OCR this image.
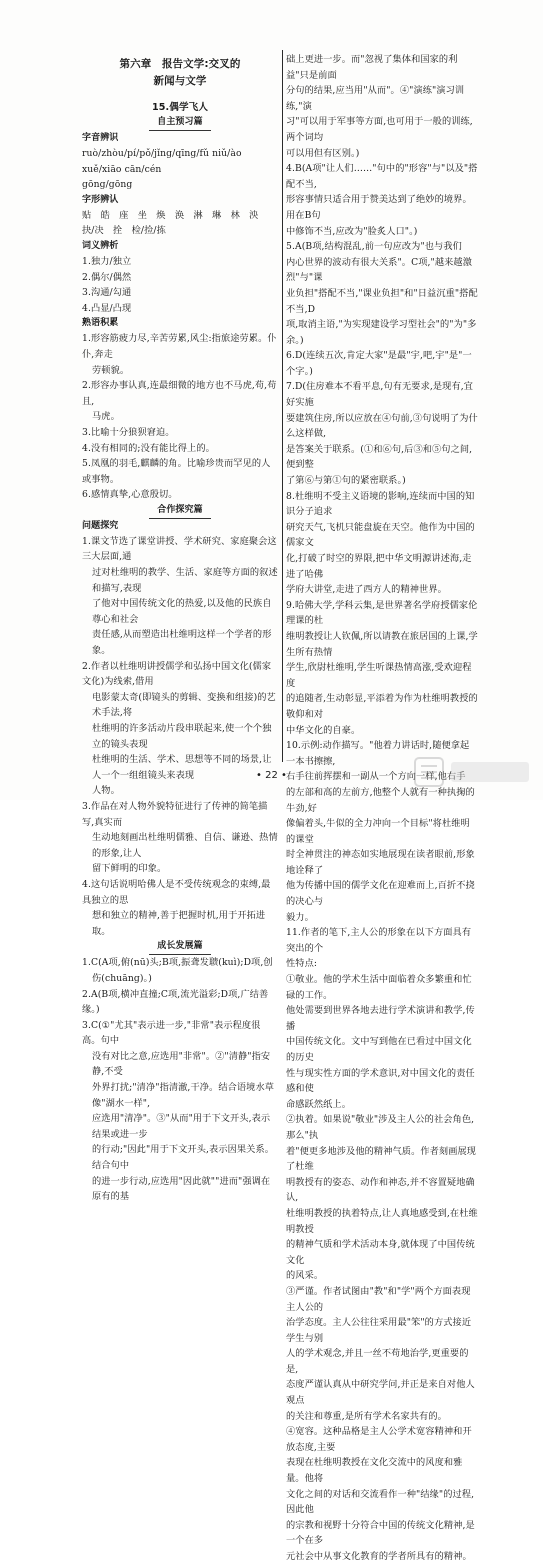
第六章　报告文学:交叉的
新闻与文学
15.偶学飞人
自主预习篇
字音辨识
ruò/zhòu/pí/pǒ/jǐng/qīng/fǔ niǔ/ào xuě/xiāo cān/cén
gōng/gōng
字形辨认
贴　皓　座　坐　焕　涣　淋　琳　林　泱　抉/决　拴　检/捡/拣
词义辨析
1.独力/独立
2.偶尔/偶然
3.沟通/勾通
4.凸显/凸现
熟语积累
1.形容筋疲力尽,辛苦劳累,风尘:指旅途劳累。仆仆,奔走
劳顿貌。
2.形容办事认真,连最细微的地方也不马虎,苟,苟且,
马虎。
3.比喻十分狼狈窘迫。
4.没有相同的;没有能比得上的。
5.凤凰的羽毛,麒麟的角。比喻珍贵而罕见的人或事物。
6.感情真挚,心意殷切。
合作探究篇
问题探究
1.课文节选了课堂讲授、学术研究、家庭聚会这三大层面,通
过对杜维明的教学、生活、家庭等方面的叙述和描写,表现
了他对中国传统文化的热爱,以及他的民族自尊心和社会
责任感,从而塑造出杜维明这样一个学者的形象。
2.作者以杜维明讲授儒学和弘扬中国文化(儒家文化)为线索,借用
电影蒙太奇(即镜头的剪辑、变换和组接)的艺术手法,将
杜维明的许多活动片段串联起来,使一个个独立的镜头表现
杜维明的生活、学术、思想等不同的场景,让人一个一组组镜头来表现
人物。
3.作品在对人物外貌特征进行了传神的简笔描写,真实而
生动地刻画出杜维明儒雅、自信、谦逊、热情的形象,让人
留下鲜明的印象。
4.这句话说明哈佛人是不受传统观念的束缚,最具独立的思
想和独立的精神,善于把握时机,用于开拓进取。
成长发展篇
1.C(A项,俯(nū)头;B项,振聋发聩(kuì);D项,创
伤(chuāng)。)
2.A(B项,横冲直撞;C项,流光溢彩;D项,广结善缘。)
3.C(①"尤其"表示进一步,"非常"表示程度很高。句中
没有对比之意,应选用"非常"。②"清静"指安静,不受
外界打扰;"清净"指清澈,干净。结合语境水草像"湖水一样",
应选用"清净"。③"从而"用于下文开头,表示结果或进一步
的行动;"因此"用于下文开头,表示因果关系。结合句中
的进一步行动,应选用"因此就""进而"强调在原有的基
础上更进一步。而"忽视了集体和国家的利益"只是前面
分句的结果,应当用"从而"。④"演练"演习训练,"演
习"可以用于军事等方面,也可用于一般的训练,两个词均
可以用但有区别。)
4.B(A项"让人们……"句中的"形容"与"以及"搭配不当,
形容事情只适合用于赞美达到了绝妙的境界。用在B句
中修饰不当,应改为"脸炙人口"。)
5.A(B项,结构混乱,前一句应改为"也与我们
内心世界的波动有很大关系"。C项,"越来越激烈"与"课
业负担"搭配不当,"课业负担"和"日益沉重"搭配不当,D
项,取消主语,"为实现建设学习型社会"的"为"多余。)
6.D(连续五次,肯定大家"是最"宇,吧,宇"是"一个字。)
7.D(住房难本不看平息,句有无要求,是现有,宜好实施
要建筑住房,所以应放在④句前,③句说明了为什么这样做,
是答案关于联系。(①和⑥句,后③和⑤句之间,便到整
了第⑥与第①句的紧密联系。)
8.杜维明不受主义语境的影响,连续而中国的知识分子追求
研究天气,飞机只能盘旋在天空。他作为中国的儒家文
化,打破了时空的界限,把中华文明源讲述海,走进了哈佛
学府大讲堂,走进了西方人的精神世界。
9.哈佛大学,学科云集,是世界著名学府授儒家伦理课的杜
维明教授让人钦佩,所以请教在旅居国的上课,学生所有热情
学生,欣尉杜维明,学生听课热情高涨,受欢迎程度
的追随者,生动彰显,平添着为作为杜维明教授的敬仰和对
中华文化的自豪。
10.示例:动作描写。"他着力讲话时,随便拿起一本书擦擦,
右手往前挥摆和一副从一个方向一样,他右手
的左部和高的左前方,他整个人就有一种执掬的牛劲,好
像偏着头,牛似的全力冲向一个目标"将杜维明的课堂
时全神贯注的神态如实地展现在读者眼前,形象地诠释了
他为传播中国的儒学文化在迎难而上,百折不挠的决心与
毅力。
11.作者的笔下,主人公的形象在以下方面具有突出的个
性特点:
①敬业。他的学术生活中面临着众多繁重和忙碌的工作。
他处需要到世界各地去进行学术演讲和教学,传播
中国传统文化。文中写到他在已看过中国文化的历史
性与现实性方面的学术意识,对中国文化的责任感和使
命感跃然纸上。
②执着。如果说"敬业"涉及主人公的社会角色,那么"执
着"便更多地涉及他的精神气质。作者刻画展现了杜维
明教授有的姿态、动作和神态,并不容置疑地确认,
杜维明教授的执着特点,让人真地感受到,在杜维明教授
的精神气质和学术活动本身,就体现了中国传统文化
的风采。
③严谨。作者试图由"教"和"学"两个方面表现主人公的
治学态度。主人公往往采用最"笨"的方式接近学生与别
人的学术观念,并且一丝不苟地治学,更重要的是,
态度严谨认真从中研究学问,并正是来自对他人观点
的关注和尊重,是所有学术名家共有的。
④宽容。这种品格是主人公学术宽容精神和开放态度,主要
表现在杜维明教授在文化交流中的风度和雅量。他将
文化之间的对话和交流看作一种"结缘"的过程,因此他
的宗教和视野十分符合中国的传统文化精神,是一个在多
元社会中从事文化教育的学者所具有的精神。
• 22 •
